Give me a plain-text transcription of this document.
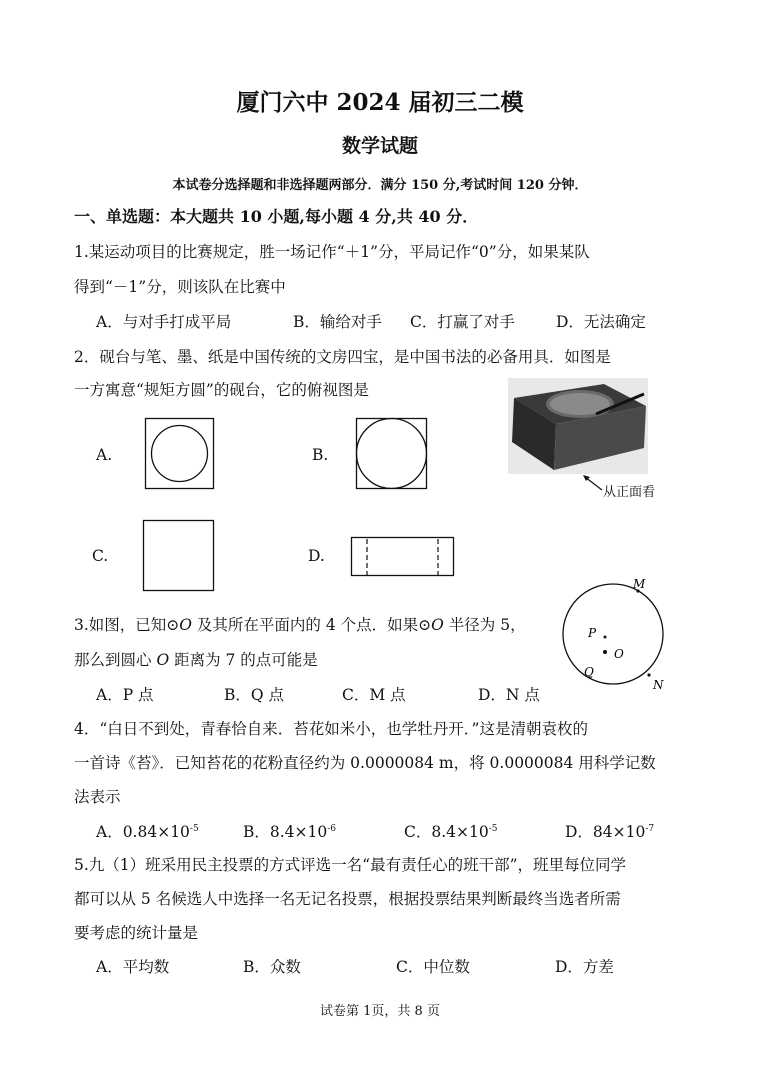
厦门六中 2024 届初三二模
数学试题
本试卷分选择题和非选择题两部分．满分 150 分,考试时间 120 分钟．
一、单选题：本大题共 10 小题,每小题 4 分,共 40 分．
1.某运动项目的比赛规定，胜一场记作“＋1”分，平局记作“0”分，如果某队
得到“－1”分，则该队在比赛中
A．与对手打成平局	B．输给对手 C．打赢了对手	D．无法确定
2．砚台与笔、墨、纸是中国传统的文房四宝，是中国书法的必备用具．如图是
一方寓意“规矩方圆”的砚台，它的俯视图是
A.	B.
C.	D.
从正面看
3.如图，已知⊙O 及其所在平面内的 4 个点．如果⊙O 半径为 5，
那么到圆心 O 距离为 7 的点可能是
M
P
O
Q
N
A．P 点	B．Q 点	C．M 点	D．N 点
4．“白日不到处，青春恰自来．苔花如米小，也学牡丹开．”这是清朝袁枚的
一首诗《苔》．已知苔花的花粉直径约为 0.0000084 m，将 0.0000084 用科学记数
法表示
A．$0.84\times 10^{-5}$	B．$8.4\times 10^{-6}$	C．$8.4\times 10^{-5}$	D．$84\times 10^{-7}$
5.九（1）班采用民主投票的方式评选一名“最有责任心的班干部”，班里每位同学
都可以从 5 名候选人中选择一名无记名投票，根据投票结果判断最终当选者所需
要考虑的统计量是
A．平均数	B．众数	C．中位数	D．方差
试卷第 1页，共 8 页
